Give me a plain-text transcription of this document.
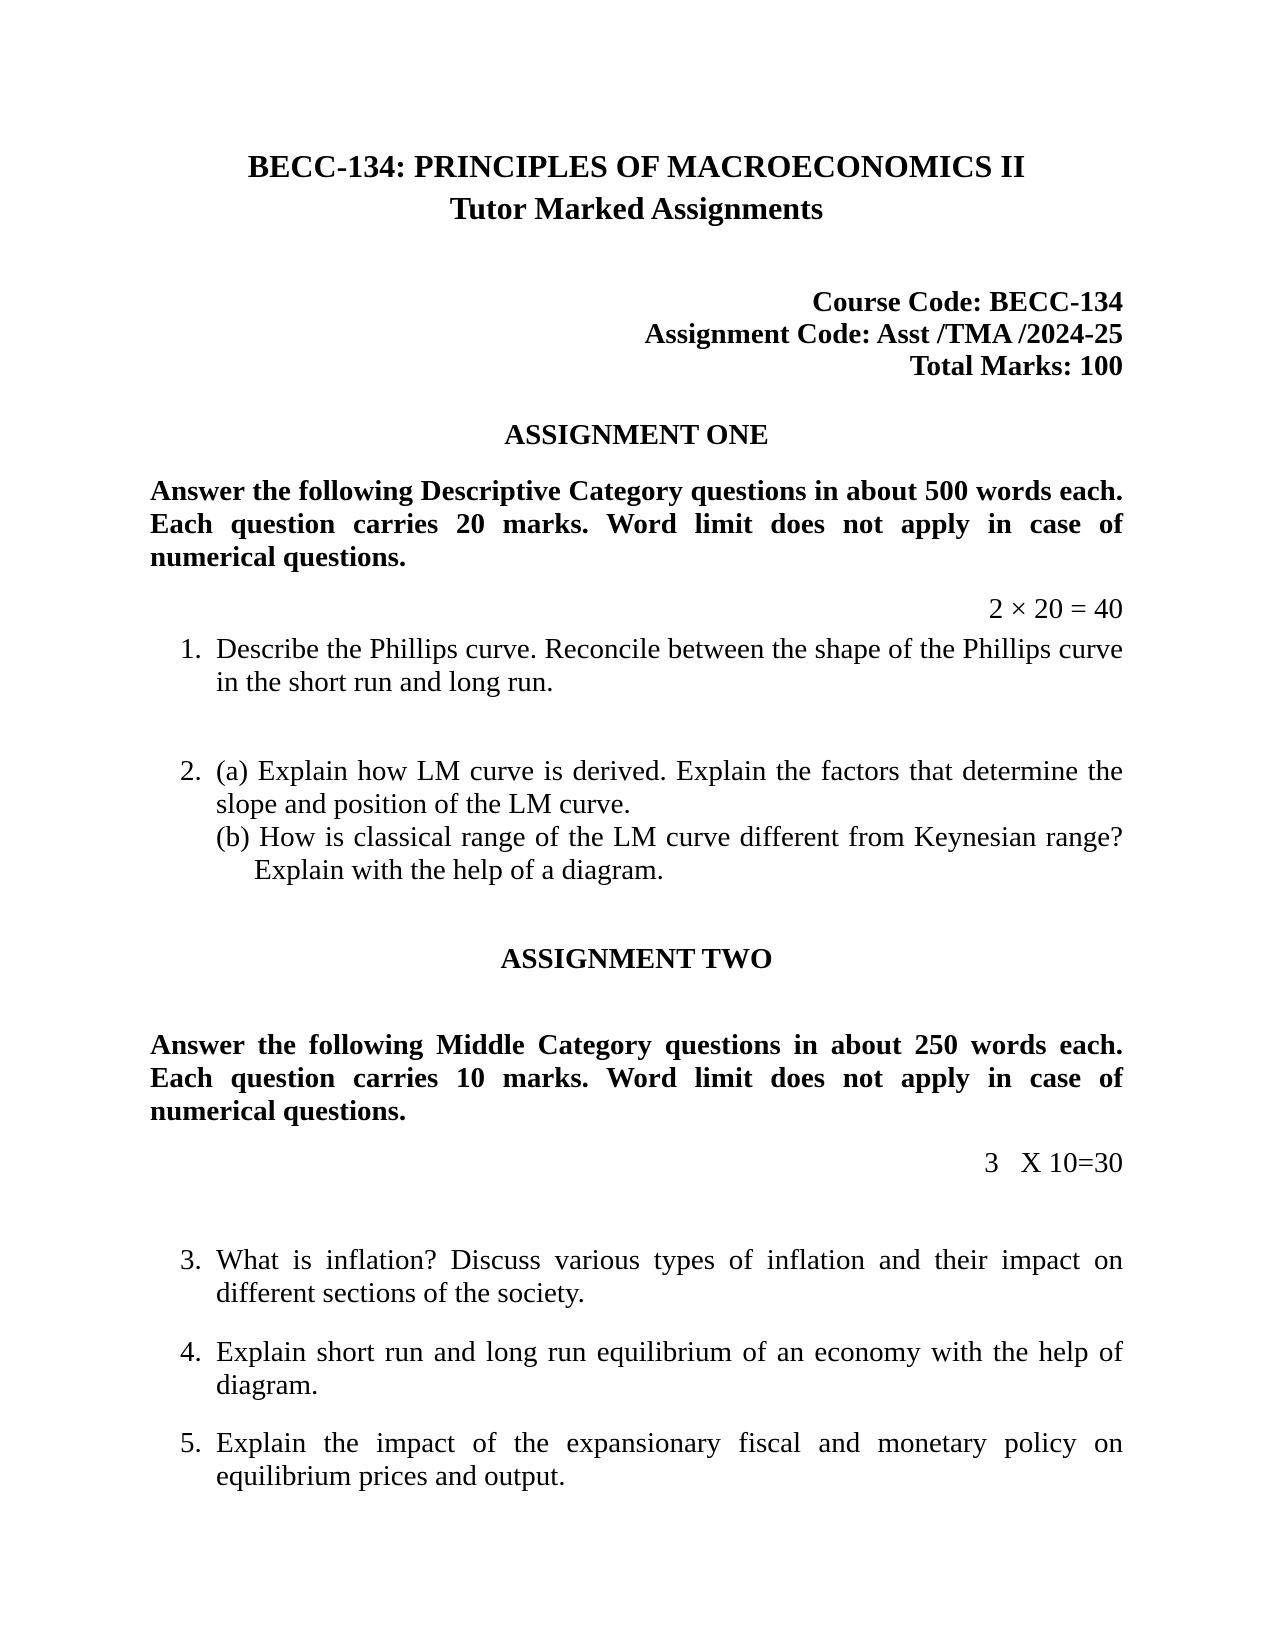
BECC-134: PRINCIPLES OF MACROECONOMICS II
Tutor Marked Assignments
Course Code: BECC-134
Assignment Code: Asst /TMA /2024-25
Total Marks: 100
ASSIGNMENT ONE
Answer the following Descriptive Category questions in about 500 words each. Each question carries 20 marks. Word limit does not apply in case of numerical questions.
2 × 20 = 40
1. Describe the Phillips curve. Reconcile between the shape of the Phillips curve in the short run and long run.
2. (a) Explain how LM curve is derived. Explain the factors that determine the slope and position of the LM curve.
(b) How is classical range of the LM curve different from Keynesian range? Explain with the help of a diagram.
ASSIGNMENT TWO
Answer the following Middle Category questions in about 250 words each. Each question carries 10 marks. Word limit does not apply in case of numerical questions.
3   X 10=30
3. What is inflation? Discuss various types of inflation and their impact on different sections of the society.
4. Explain short run and long run equilibrium of an economy with the help of diagram.
5. Explain the impact of the expansionary fiscal and monetary policy on equilibrium prices and output.
